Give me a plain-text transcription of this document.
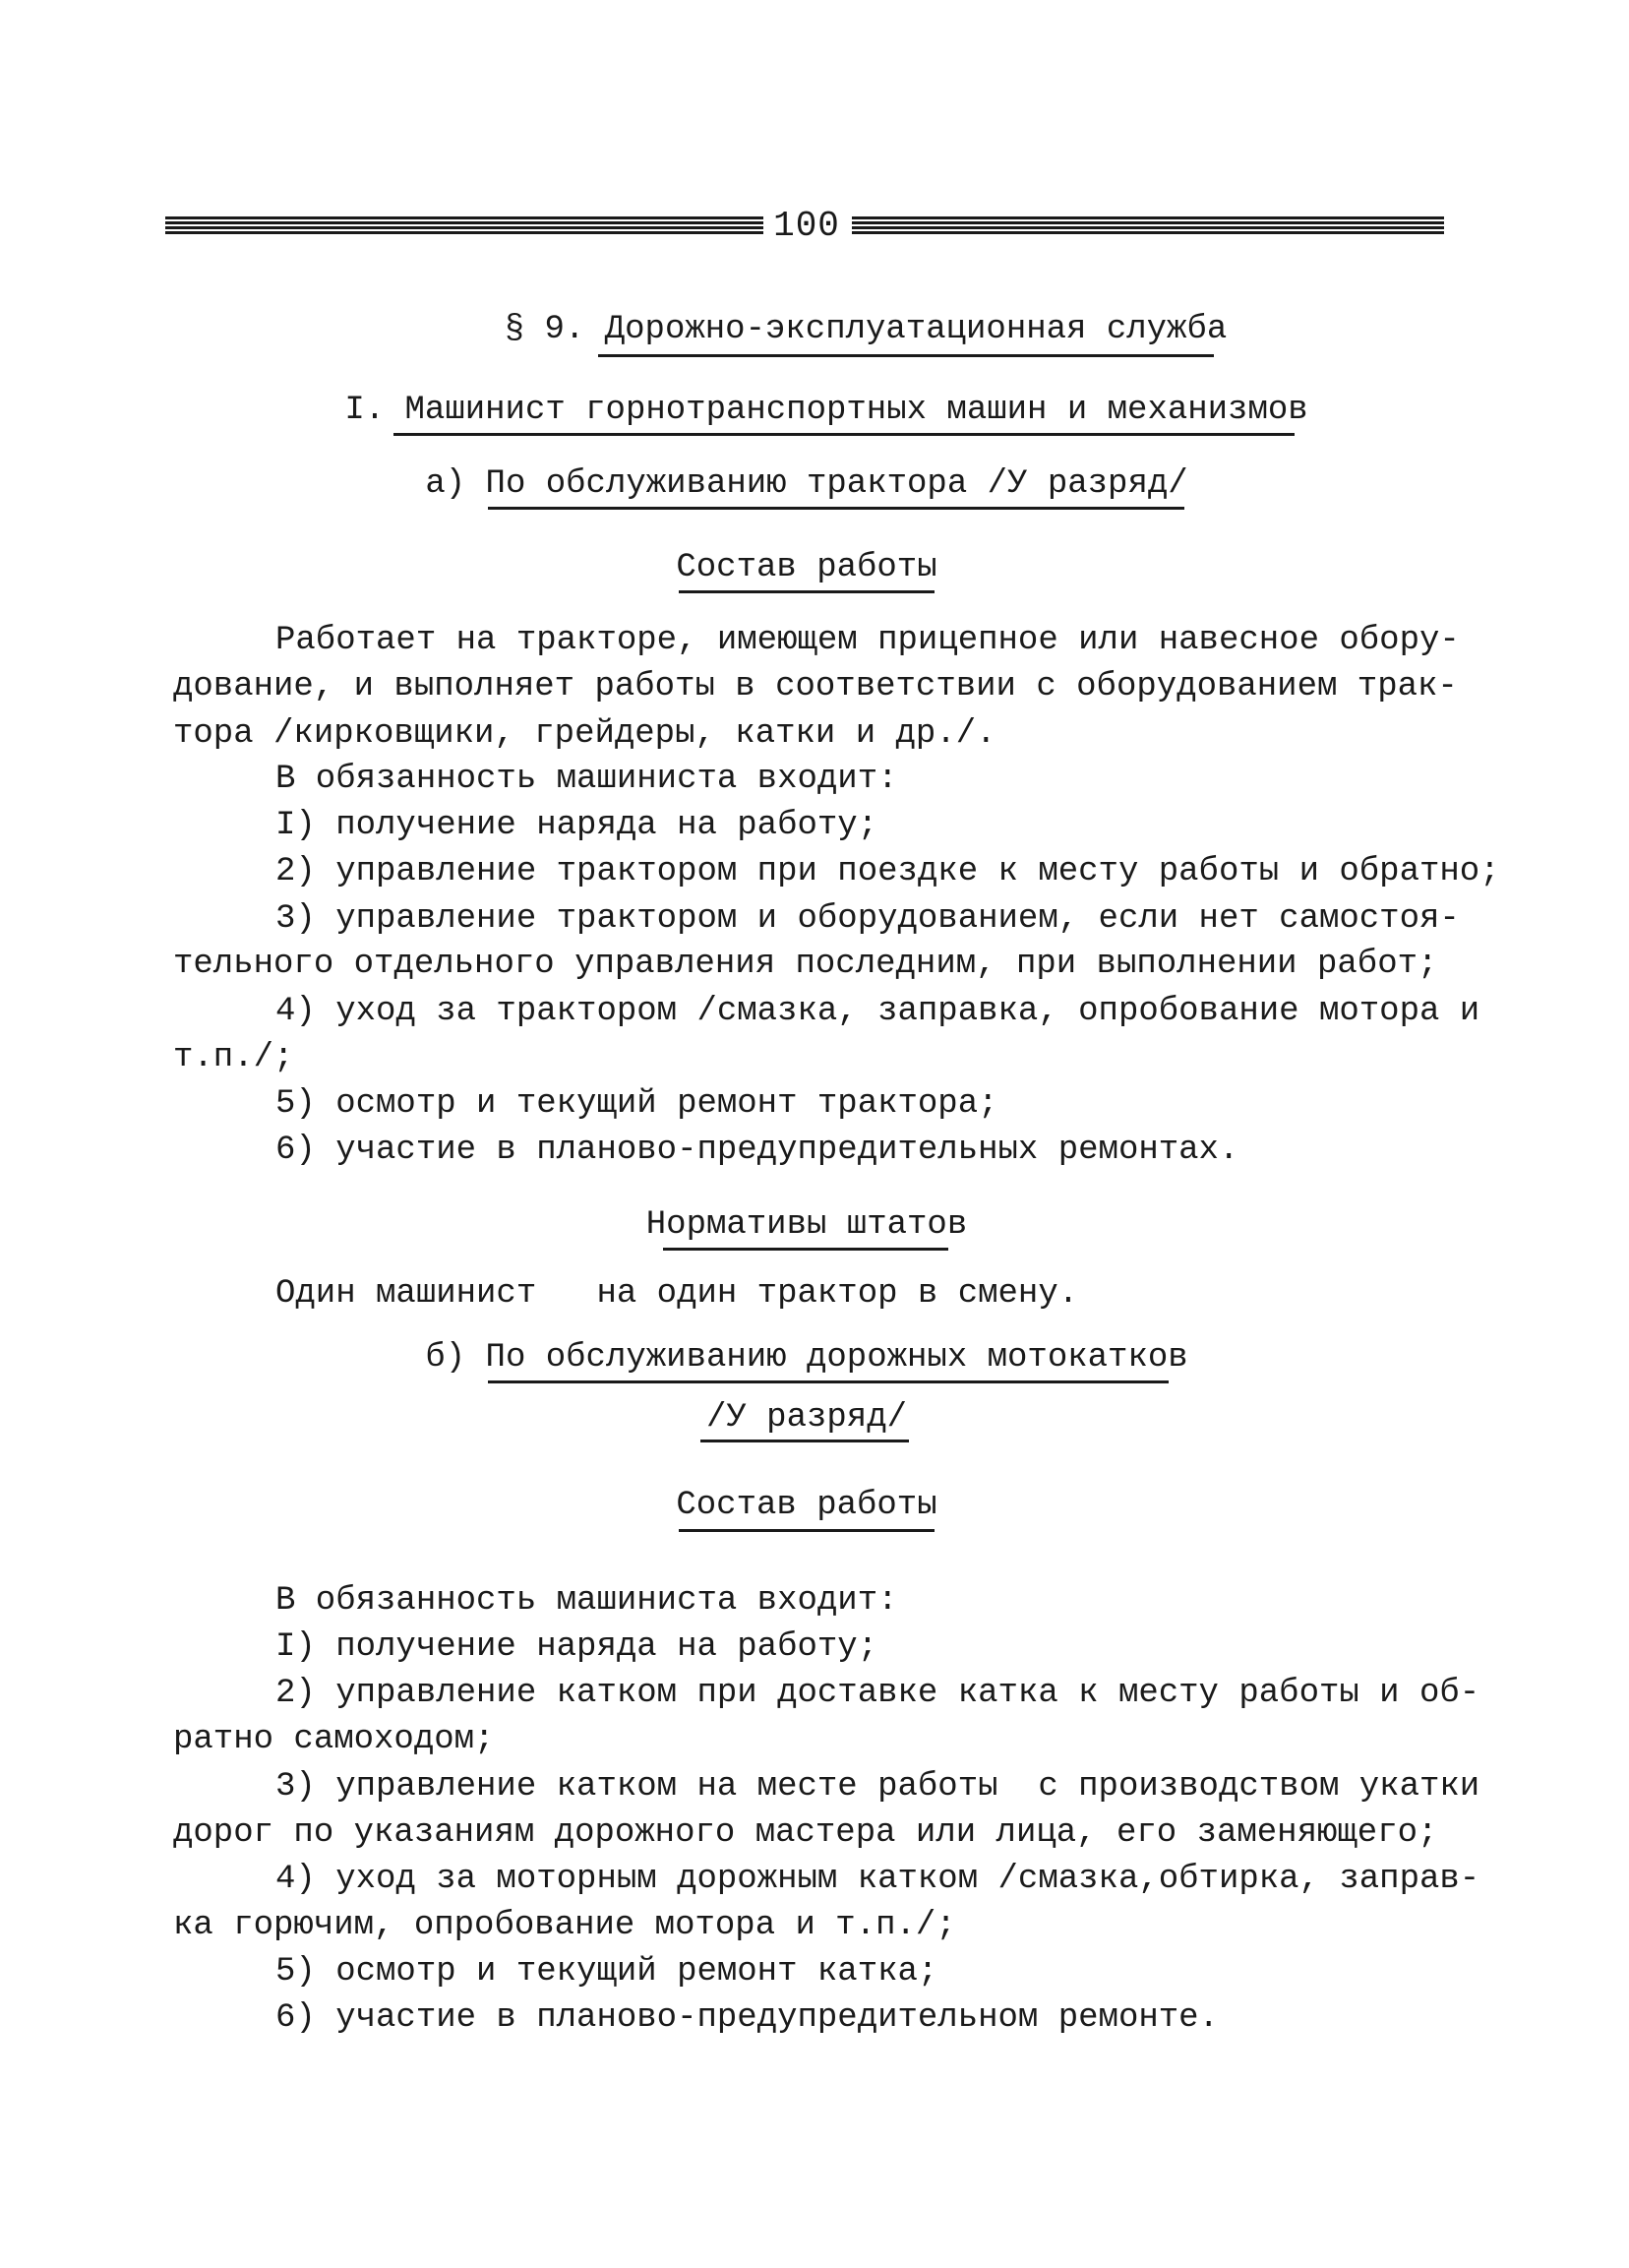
100
§ 9. Дорожно-эксплуатационная служба
I. Машинист горнотранспортных машин и механизмов
а) По обслуживанию трактора /У разряд/
Состав работы
Работает на тракторе, имеющем прицепное или навесное обору-
дование, и выполняет работы в соответствии с оборудованием трак-
тора /кирковщики, грейдеры, катки и др./.
В обязанность машиниста входит:
I) получение наряда на работу;
2) управление трактором при поездке к месту работы и обратно;
3) управление трактором и оборудованием, если нет самостоя-
тельного отдельного управления последним, при выполнении работ;
4) уход за трактором /смазка, заправка, опробование мотора и
т.п./;
5) осмотр и текущий ремонт трактора;
6) участие в планово-предупредительных ремонтах.
Нормативы штатов
Один машинист   на один трактор в смену.
б) По обслуживанию дорожных мотокатков
/У разряд/
Состав работы
В обязанность машиниста входит:
I) получение наряда на работу;
2) управление катком при доставке катка к месту работы и об-
ратно самоходом;
3) управление катком на месте работы  с производством укатки
дорог по указаниям дорожного мастера или лица, его заменяющего;
4) уход за моторным дорожным катком /смазка,обтирка, заправ-
ка горючим, опробование мотора и т.п./;
5) осмотр и текущий ремонт катка;
6) участие в планово-предупредительном ремонте.
